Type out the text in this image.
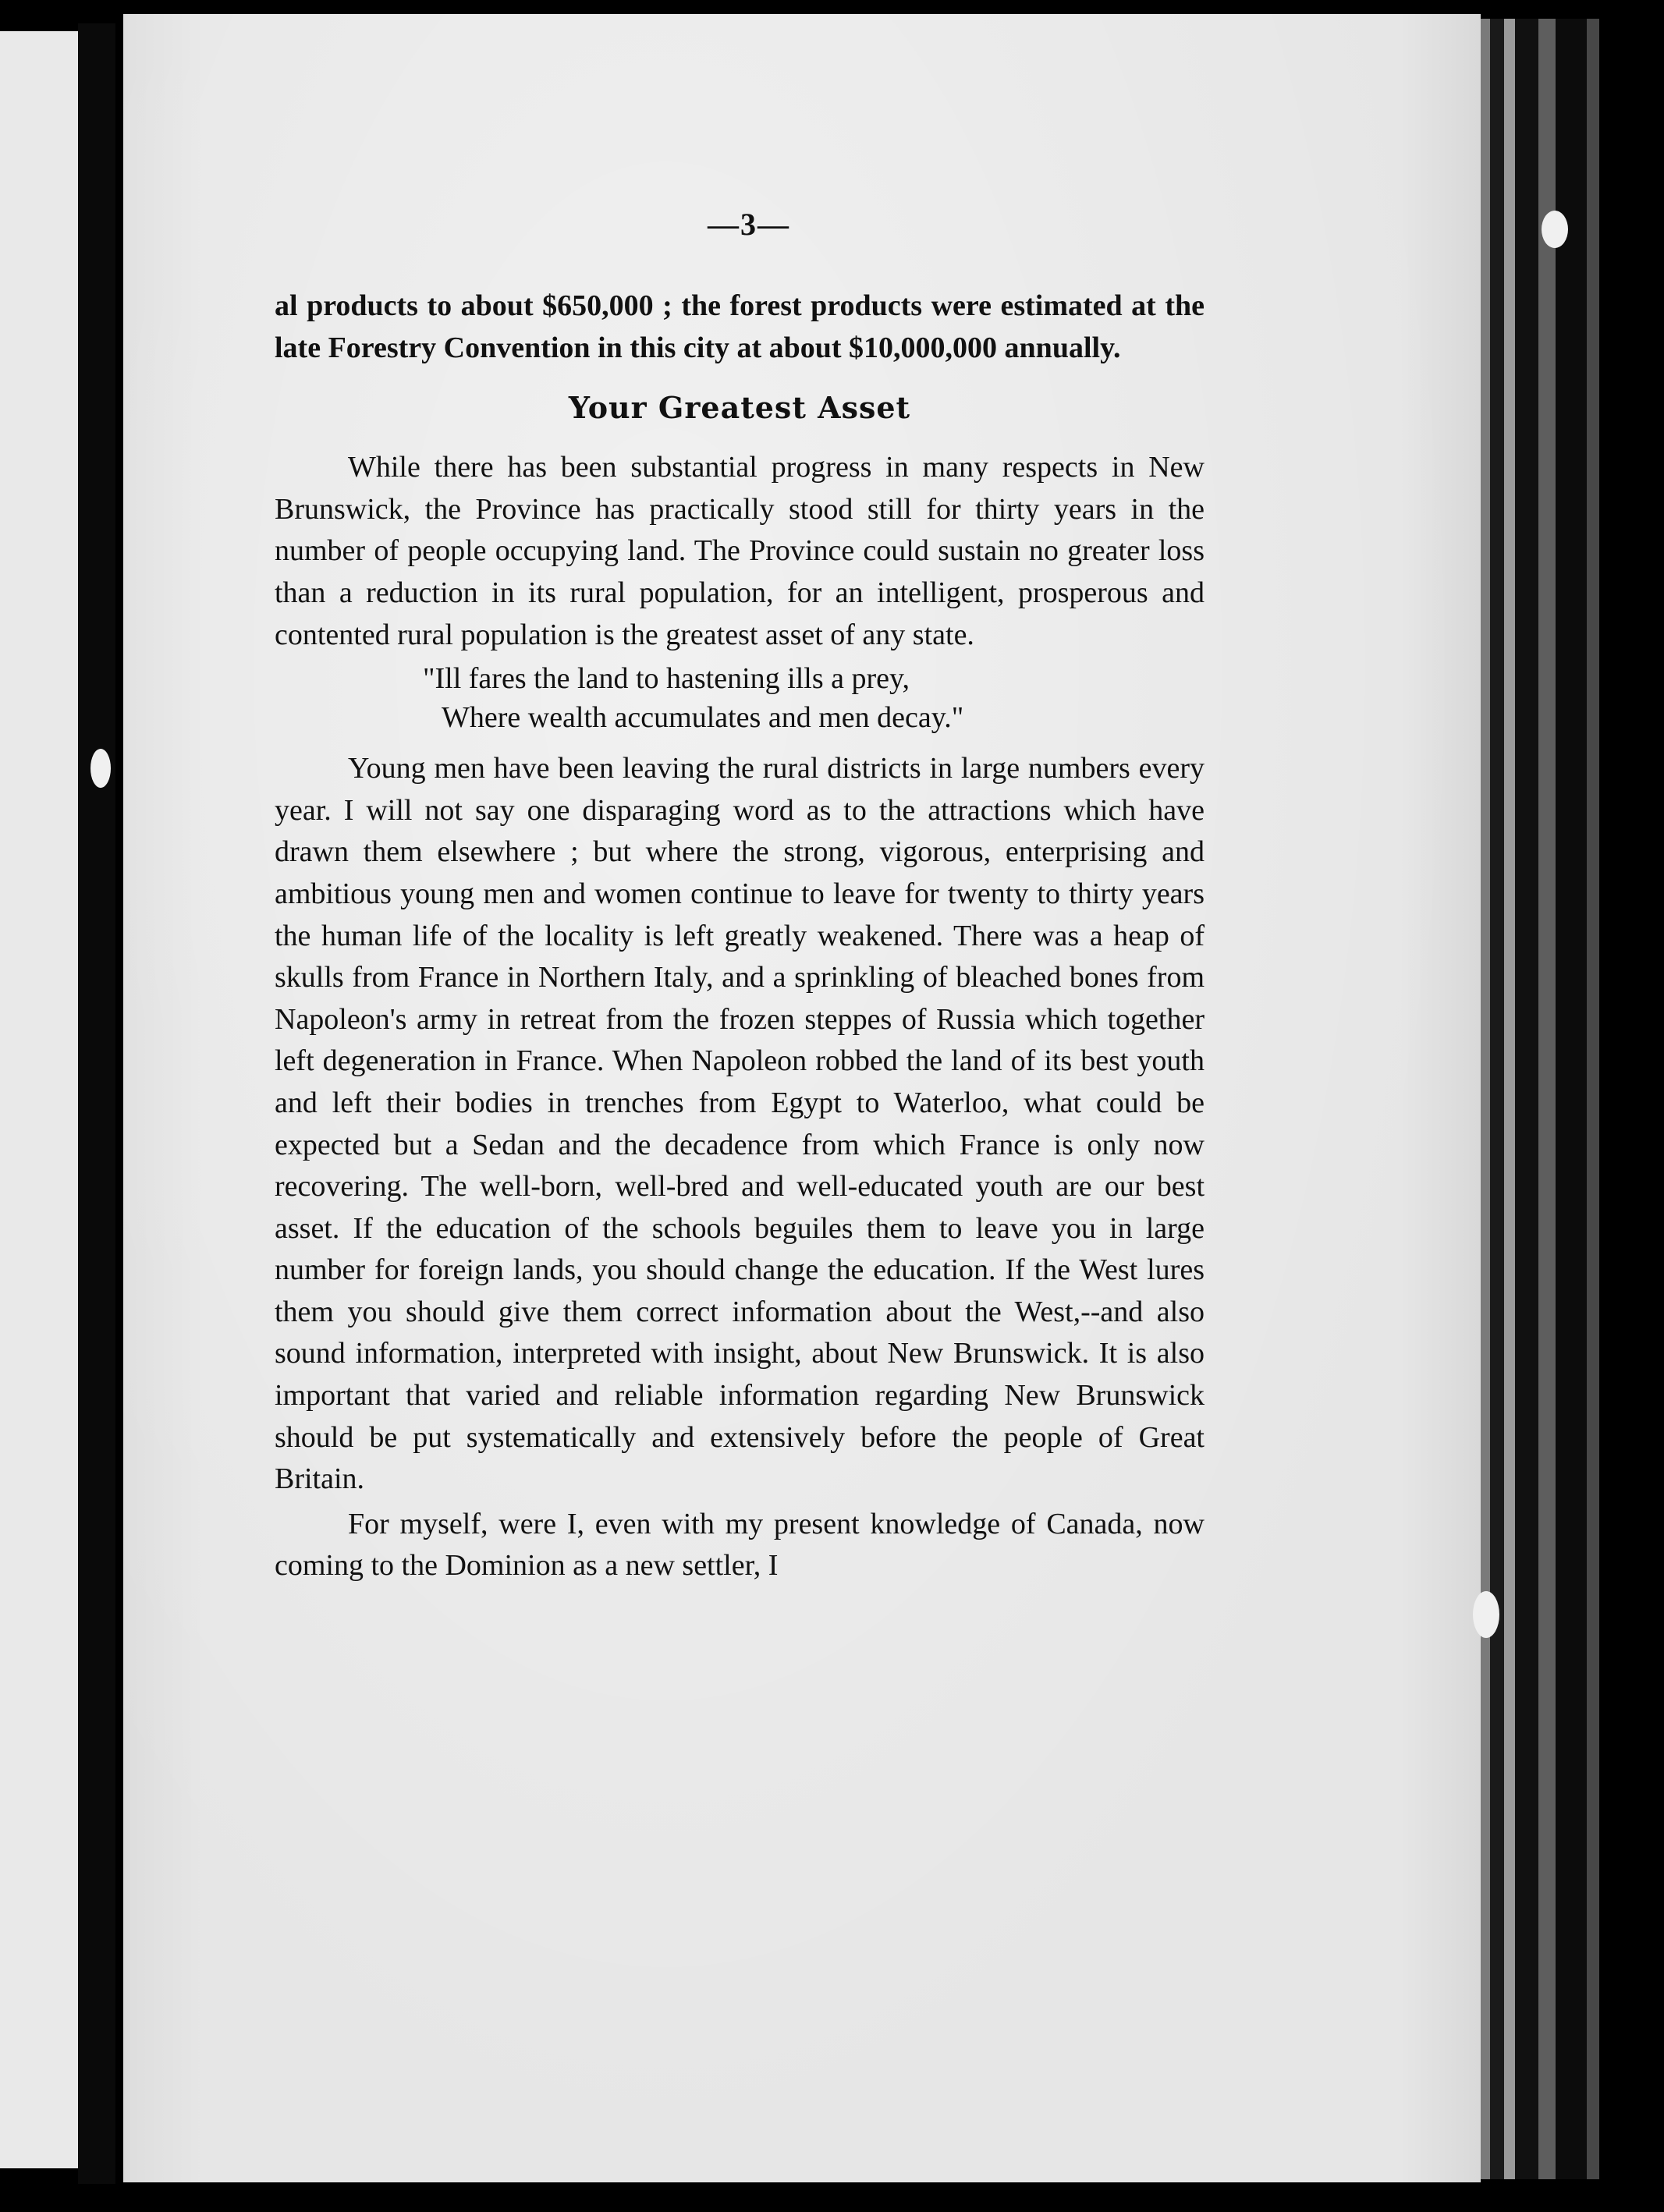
—3—

al products to about $650,000 ; the forest products were estimated at the late Forestry Convention in this city at about $10,000,000 annually.

Your Greatest Asset

While there has been substantial progress in many respects in New Brunswick, the Province has practically stood still for thirty years in the number of people occupying land. The Province could sustain no greater loss than a reduction in its rural population, for an intelligent, prosperous and contented rural population is the greatest asset of any state.

"Ill fares the land to hastening ills a prey,
Where wealth accumulates and men decay."

Young men have been leaving the rural districts in large numbers every year. I will not say one disparaging word as to the attractions which have drawn them elsewhere ; but where the strong, vigorous, enterprising and ambitious young men and women continue to leave for twenty to thirty years the human life of the locality is left greatly weakened. There was a heap of skulls from France in Northern Italy, and a sprinkling of bleached bones from Napoleon's army in retreat from the frozen steppes of Russia which together left degeneration in France. When Napoleon robbed the land of its best youth and left their bodies in trenches from Egypt to Waterloo, what could be expected but a Sedan and the decadence from which France is only now recovering. The well-born, well-bred and well-educated youth are our best asset. If the education of the schools beguiles them to leave you in large number for foreign lands, you should change the education. If the West lures them you should give them correct information about the West,--and also sound information, interpreted with insight, about New Brunswick. It is also important that varied and reliable information regarding New Brunswick should be put systematically and extensively before the people of Great Britain.

For myself, were I, even with my present knowledge of Canada, now coming to the Dominion as a new settler, I
